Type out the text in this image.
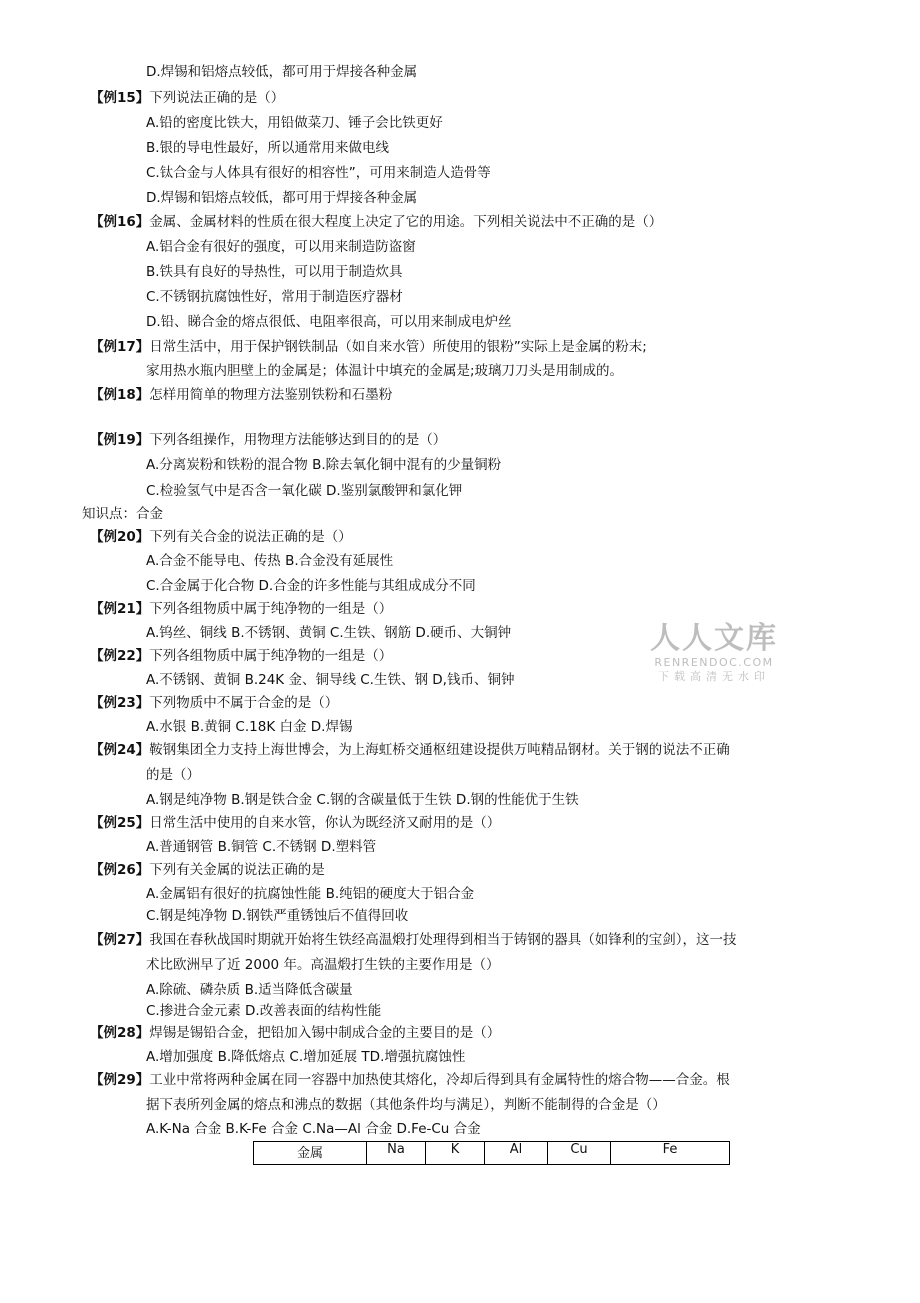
D.焊锡和铝熔点较低，都可用于焊接各种金属
【例15】下列说法正确的是（）
A.铅的密度比铁大，用铅做菜刀、锤子会比铁更好
B.银的导电性最好，所以通常用来做电线
C.钛合金与人体具有很好的相容性”，可用来制造人造骨等
D.焊锡和铝熔点较低，都可用于焊接各种金属
【例16】金属、金属材料的性质在很大程度上决定了它的用途。下列相关说法中不正确的是（）
A.铝合金有很好的强度，可以用来制造防盗窗
B.铁具有良好的导热性，可以用于制造炊具
C.不锈钢抗腐蚀性好，常用于制造医疗器材
D.铅、睇合金的熔点很低、电阻率很高，可以用来制成电炉丝
【例17】日常生活中，用于保护钢铁制品（如自来水管）所使用的银粉”实际上是金属的粉末;
家用热水瓶内胆壁上的金属是；体温计中填充的金属是;玻璃刀刀头是用制成的。
【例18】怎样用简单的物理方法鉴别铁粉和石墨粉
【例19】下列各组操作，用物理方法能够达到目的的是（）
A.分离炭粉和铁粉的混合物 B.除去氧化铜中混有的少量铜粉
C.检验氢气中是否含一氧化碳 D.鉴别氯酸钾和氯化钾
知识点：合金
【例20】下列有关合金的说法正确的是（）
A.合金不能导电、传热 B.合金没有延展性
C.合金属于化合物 D.合金的许多性能与其组成成分不同
【例21】下列各组物质中属于纯净物的一组是（）
A.钨丝、铜线 B.不锈钢、黄铜 C.生铁、钢筋 D.硬币、大铜钟
【例22】下列各组物质中属于纯净物的一组是（）
A.不锈钢、黄铜 B.24K 金、铜导线 C.生铁、钢 D,钱币、铜钟
【例23】下列物质中不属于合金的是（）
A.水银 B.黄铜 C.18K 白金 D.焊锡
【例24】鞍钢集团全力支持上海世博会，为上海虹桥交通枢纽建设提供万吨精品钢材。关于钢的说法不正确
的是（）
A.钢是纯净物 B.钢是铁合金 C.钢的含碳量低于生铁 D.钢的性能优于生铁
【例25】日常生活中使用的自来水管，你认为既经济又耐用的是（）
A.普通钢管 B.铜管 C.不锈钢 D.塑料管
【例26】下列有关金属的说法正确的是
A.金属铝有很好的抗腐蚀性能 B.纯铝的硬度大于铝合金
C.钢是纯净物 D.钢铁严重锈蚀后不值得回收
【例27】我国在春秋战国时期就开始将生铁经高温煅打处理得到相当于铸钢的器具（如锋利的宝剑），这一技
术比欧洲早了近 2000 年。高温煅打生铁的主要作用是（）
A.除硫、磷杂质 B.适当降低含碳量
C.掺进合金元素 D.改善表面的结构性能
【例28】焊锡是锡铅合金，把铅加入锡中制成合金的主要目的是（）
A.增加强度 B.降低熔点 C.增加延展 TD.增强抗腐蚀性
【例29】工业中常将两种金属在同一容器中加热使其熔化，冷却后得到具有金属特性的熔合物——合金。根
据下表所列金属的熔点和沸点的数据（其他条件均与满足），判断不能制得的合金是（）
A.K-Na 合金 B.K-Fe 合金 C.Na—Al 合金 D.Fe-Cu 合金
金属	Na	K	Al	Cu	Fe
人人文库
RENRENDOC.COM
下载高清无水印
